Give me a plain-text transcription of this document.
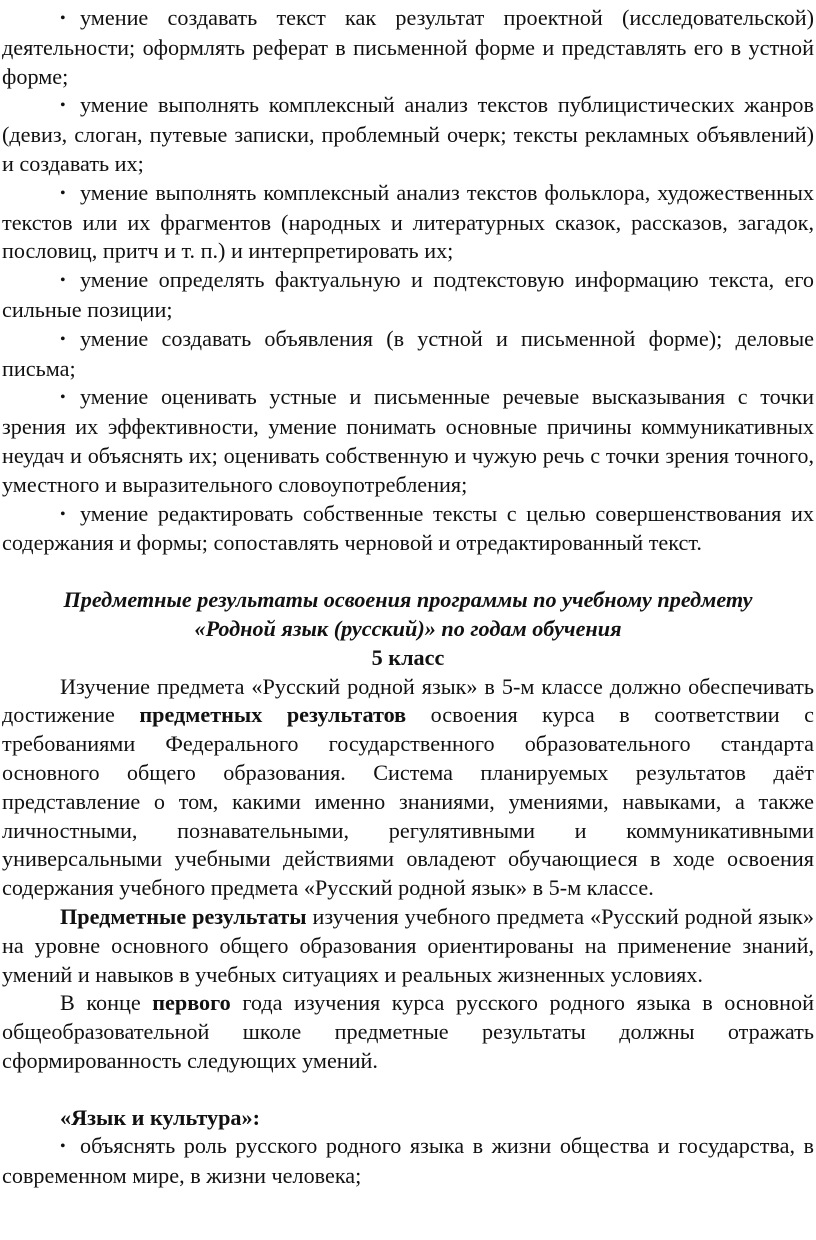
• умение создавать текст как результат проектной (исследовательской) деятельности; оформлять реферат в письменной форме и представлять его в устной форме;

• умение выполнять комплексный анализ текстов публицистических жанров (девиз, слоган, путевые записки, проблемный очерк; тексты рекламных объявлений) и создавать их;

• умение выполнять комплексный анализ текстов фольклора, художественных текстов или их фрагментов (народных и литературных сказок, рассказов, загадок, пословиц, притч и т. п.) и интерпретировать их;

• умение определять фактуальную и подтекстовую информацию текста, его сильные позиции;

• умение создавать объявления (в устной и письменной форме); деловые письма;

• умение оценивать устные и письменные речевые высказывания с точки зрения их эффективности, умение понимать основные причины коммуникативных неудач и объяснять их; оценивать собственную и чужую речь с точки зрения точного, уместного и выразительного словоупотребления;

• умение редактировать собственные тексты с целью совершенствования их содержания и формы; сопоставлять черновой и отредактированный текст.

Предметные результаты освоения программы по учебному предмету

«Родной язык (русский)» по годам обучения

5 класс

Изучение предмета «Русский родной язык» в 5-м классе должно обеспечивать достижение предметных результатов освоения курса в соответствии с требованиями Федерального государственного образовательного стандарта основного общего образования. Система планируемых результатов даёт представление о том, какими именно знаниями, умениями, навыками, а также личностными, познавательными, регулятивными и коммуникативными универсальными учебными действиями овладеют обучающиеся в ходе освоения содержания учебного предмета «Русский родной язык» в 5-м классе.

Предметные результаты изучения учебного предмета «Русский родной язык» на уровне основного общего образования ориентированы на применение знаний, умений и навыков в учебных ситуациях и реальных жизненных условиях.

В конце первого года изучения курса русского родного языка в основной общеобразовательной школе предметные результаты должны отражать сформированность следующих умений.

«Язык и культура»:

• объяснять роль русского родного языка в жизни общества и государства, в современном мире, в жизни человека;
